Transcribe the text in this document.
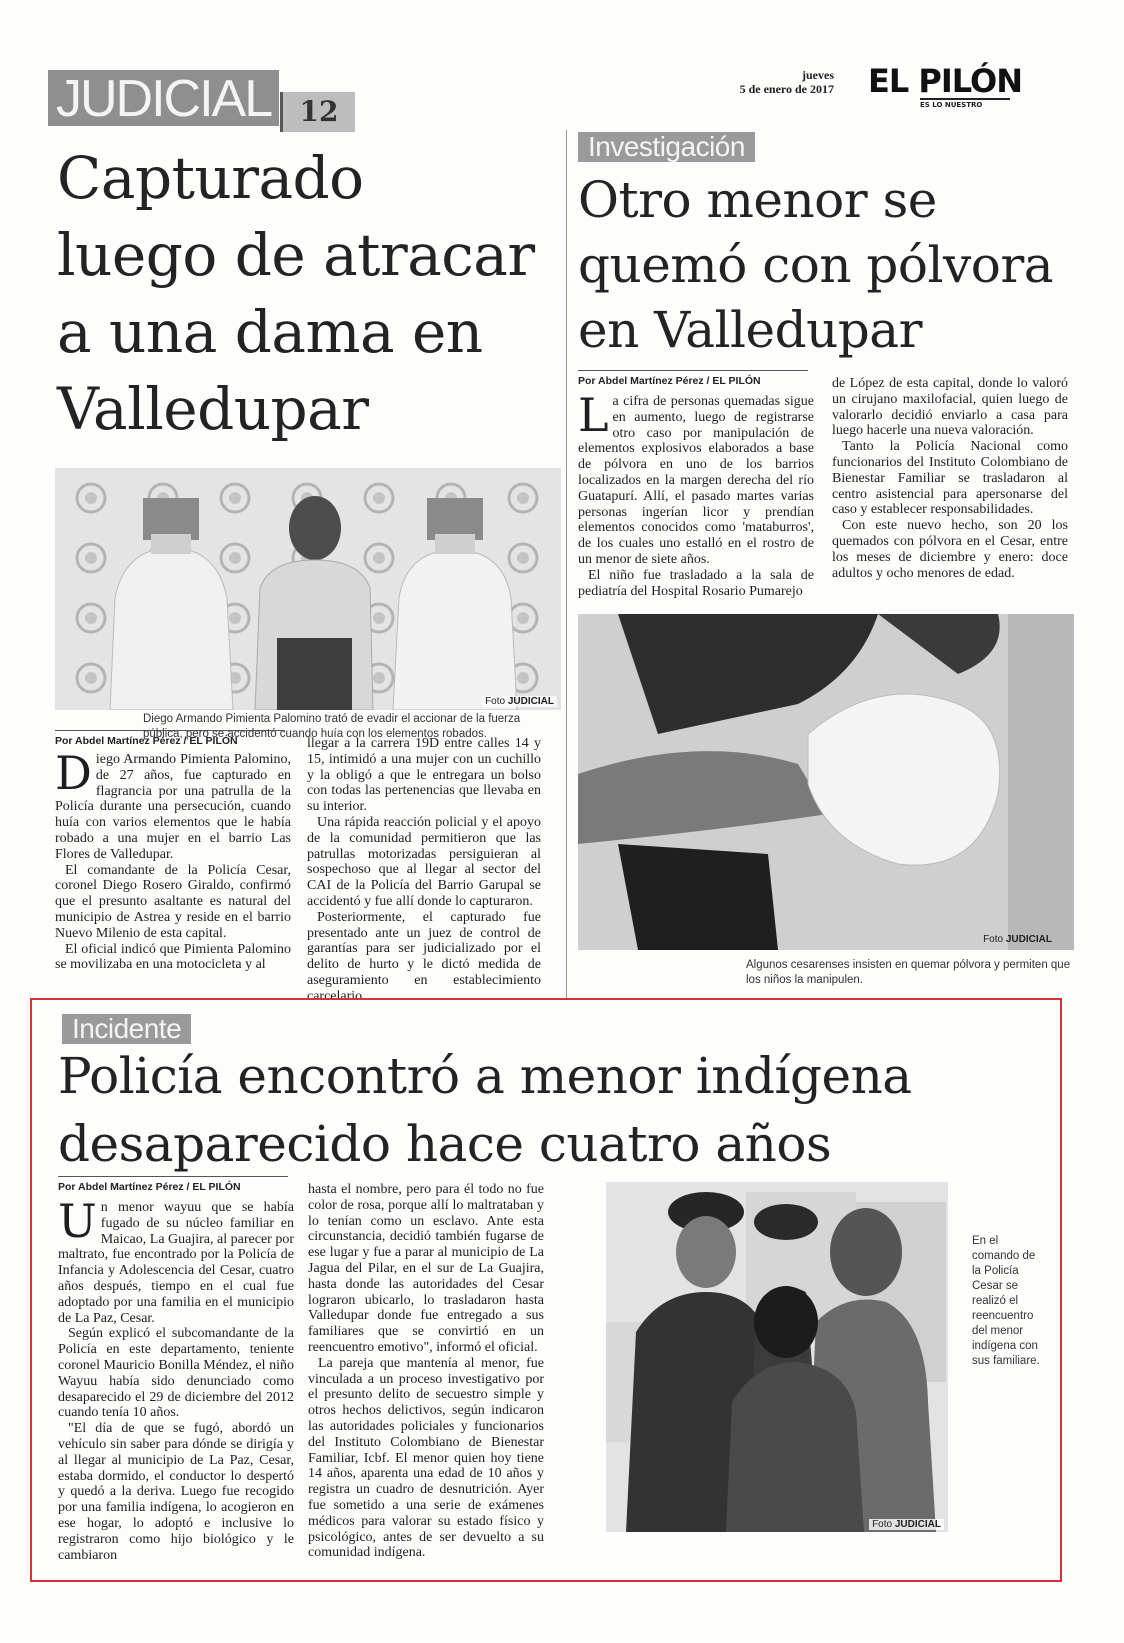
JUDICIAL	12
jueves
5 de enero de 2017 EL PILÓN
ES LO NUESTRO
Capturado
luego de atracar
a una dama en
Valledupar
Foto JUDICIAL
Diego Armando Pimienta Palomino trató de evadir el accionar de la fuerza pública, pero se accidentó cuando huía con los elementos robados.
Por Abdel Martínez Pérez / EL PILÓN

Diego Armando Pimienta Palomino, de 27 años, fue capturado en flagrancia por una patrulla de la Policía durante una persecución, cuando huía con varios elementos que le había robado a una mujer en el barrio Las Flores de Valledupar.

El comandante de la Policía Cesar, coronel Diego Rosero Giraldo, confirmó que el presunto asaltante es natural del municipio de Astrea y reside en el barrio Nuevo Milenio de esta capital.

El oficial indicó que Pimienta Palomino se movilizaba en una motocicleta y al

llegar a la carrera 19D entre calles 14 y 15, intimidó a una mujer con un cuchillo y la obligó a que le entregara un bolso con todas las pertenencias que llevaba en su interior.

Una rápida reacción policial y el apoyo de la comunidad permitieron que las patrullas motorizadas persiguieran al sospechoso que al llegar al sector del CAI de la Policía del Barrio Garupal se accidentó y fue allí donde lo capturaron.

Posteriormente, el capturado fue presentado ante un juez de control de garantías para ser judicializado por el delito de hurto y le dictó medida de aseguramiento en establecimiento carcelario.

Investigación
Otro menor se
quemó con pólvora
en Valledupar
Por Abdel Martínez Pérez / EL PILÓN

La cifra de personas quemadas sigue en aumento, luego de registrarse otro caso por manipulación de elementos explosivos elaborados a base de pólvora en uno de los barrios localizados en la margen derecha del río Guatapurí. Allí, el pasado martes varias personas ingerían licor y prendían elementos conocidos como 'mataburros', de los cuales uno estalló en el rostro de un menor de siete años.

El niño fue trasladado a la sala de pediatría del Hospital Rosario Pumarejo

de López de esta capital, donde lo valoró un cirujano maxilofacial, quien luego de valorarlo decidió enviarlo a casa para luego hacerle una nueva valoración.

Tanto la Policía Nacional como funcionarios del Instituto Colombiano de Bienestar Familiar se trasladaron al centro asistencial para apersonarse del caso y establecer responsabilidades.

Con este nuevo hecho, son 20 los quemados con pólvora en el Cesar, entre los meses de diciembre y enero: doce adultos y ocho menores de edad.

Foto JUDICIAL
Algunos cesarenses insisten en quemar pólvora y permiten que los niños la manipulen.
Incidente
Policía encontró a menor indígena
desaparecido hace cuatro años
Por Abdel Martínez Pérez / EL PILÓN

Un menor wayuu que se había fugado de su núcleo familiar en Maicao, La Guajira, al parecer por maltrato, fue encontrado por la Policía de Infancia y Adolescencia del Cesar, cuatro años después, tiempo en el cual fue adoptado por una familia en el municipio de La Paz, Cesar.

Según explicó el subcomandante de la Policía en este departamento, teniente coronel Mauricio Bonilla Méndez, el niño Wayuu había sido denunciado como desaparecido el 29 de diciembre del 2012 cuando tenía 10 años.

"El día de que se fugó, abordó un vehículo sin saber para dónde se dirigía y al llegar al municipio de La Paz, Cesar, estaba dormido, el conductor lo despertó y quedó a la deriva. Luego fue recogido por una familia indígena, lo acogieron en ese hogar, lo adoptó e inclusive lo registraron como hijo biológico y le cambiaron

hasta el nombre, pero para él todo no fue color de rosa, porque allí lo maltrataban y lo tenían como un esclavo. Ante esta circunstancia, decidió también fugarse de ese lugar y fue a parar al municipio de La Jagua del Pilar, en el sur de La Guajira, hasta donde las autoridades del Cesar lograron ubicarlo, lo trasladaron hasta Valledupar donde fue entregado a sus familiares que se convirtió en un reencuentro emotivo", informó el oficial.

La pareja que mantenía al menor, fue vinculada a un proceso investigativo por el presunto delito de secuestro simple y otros hechos delictivos, según indicaron las autoridades policiales y funcionarios del Instituto Colombiano de Bienestar Familiar, Icbf. El menor quien hoy tiene 14 años, aparenta una edad de 10 años y registra un cuadro de desnutrición. Ayer fue sometido a una serie de exámenes médicos para valorar su estado físico y psicológico, antes de ser devuelto a su comunidad indígena.

Foto JUDICIAL
En el comando de la Policía Cesar se realizó el reencuentro del menor indígena con sus familiare.
